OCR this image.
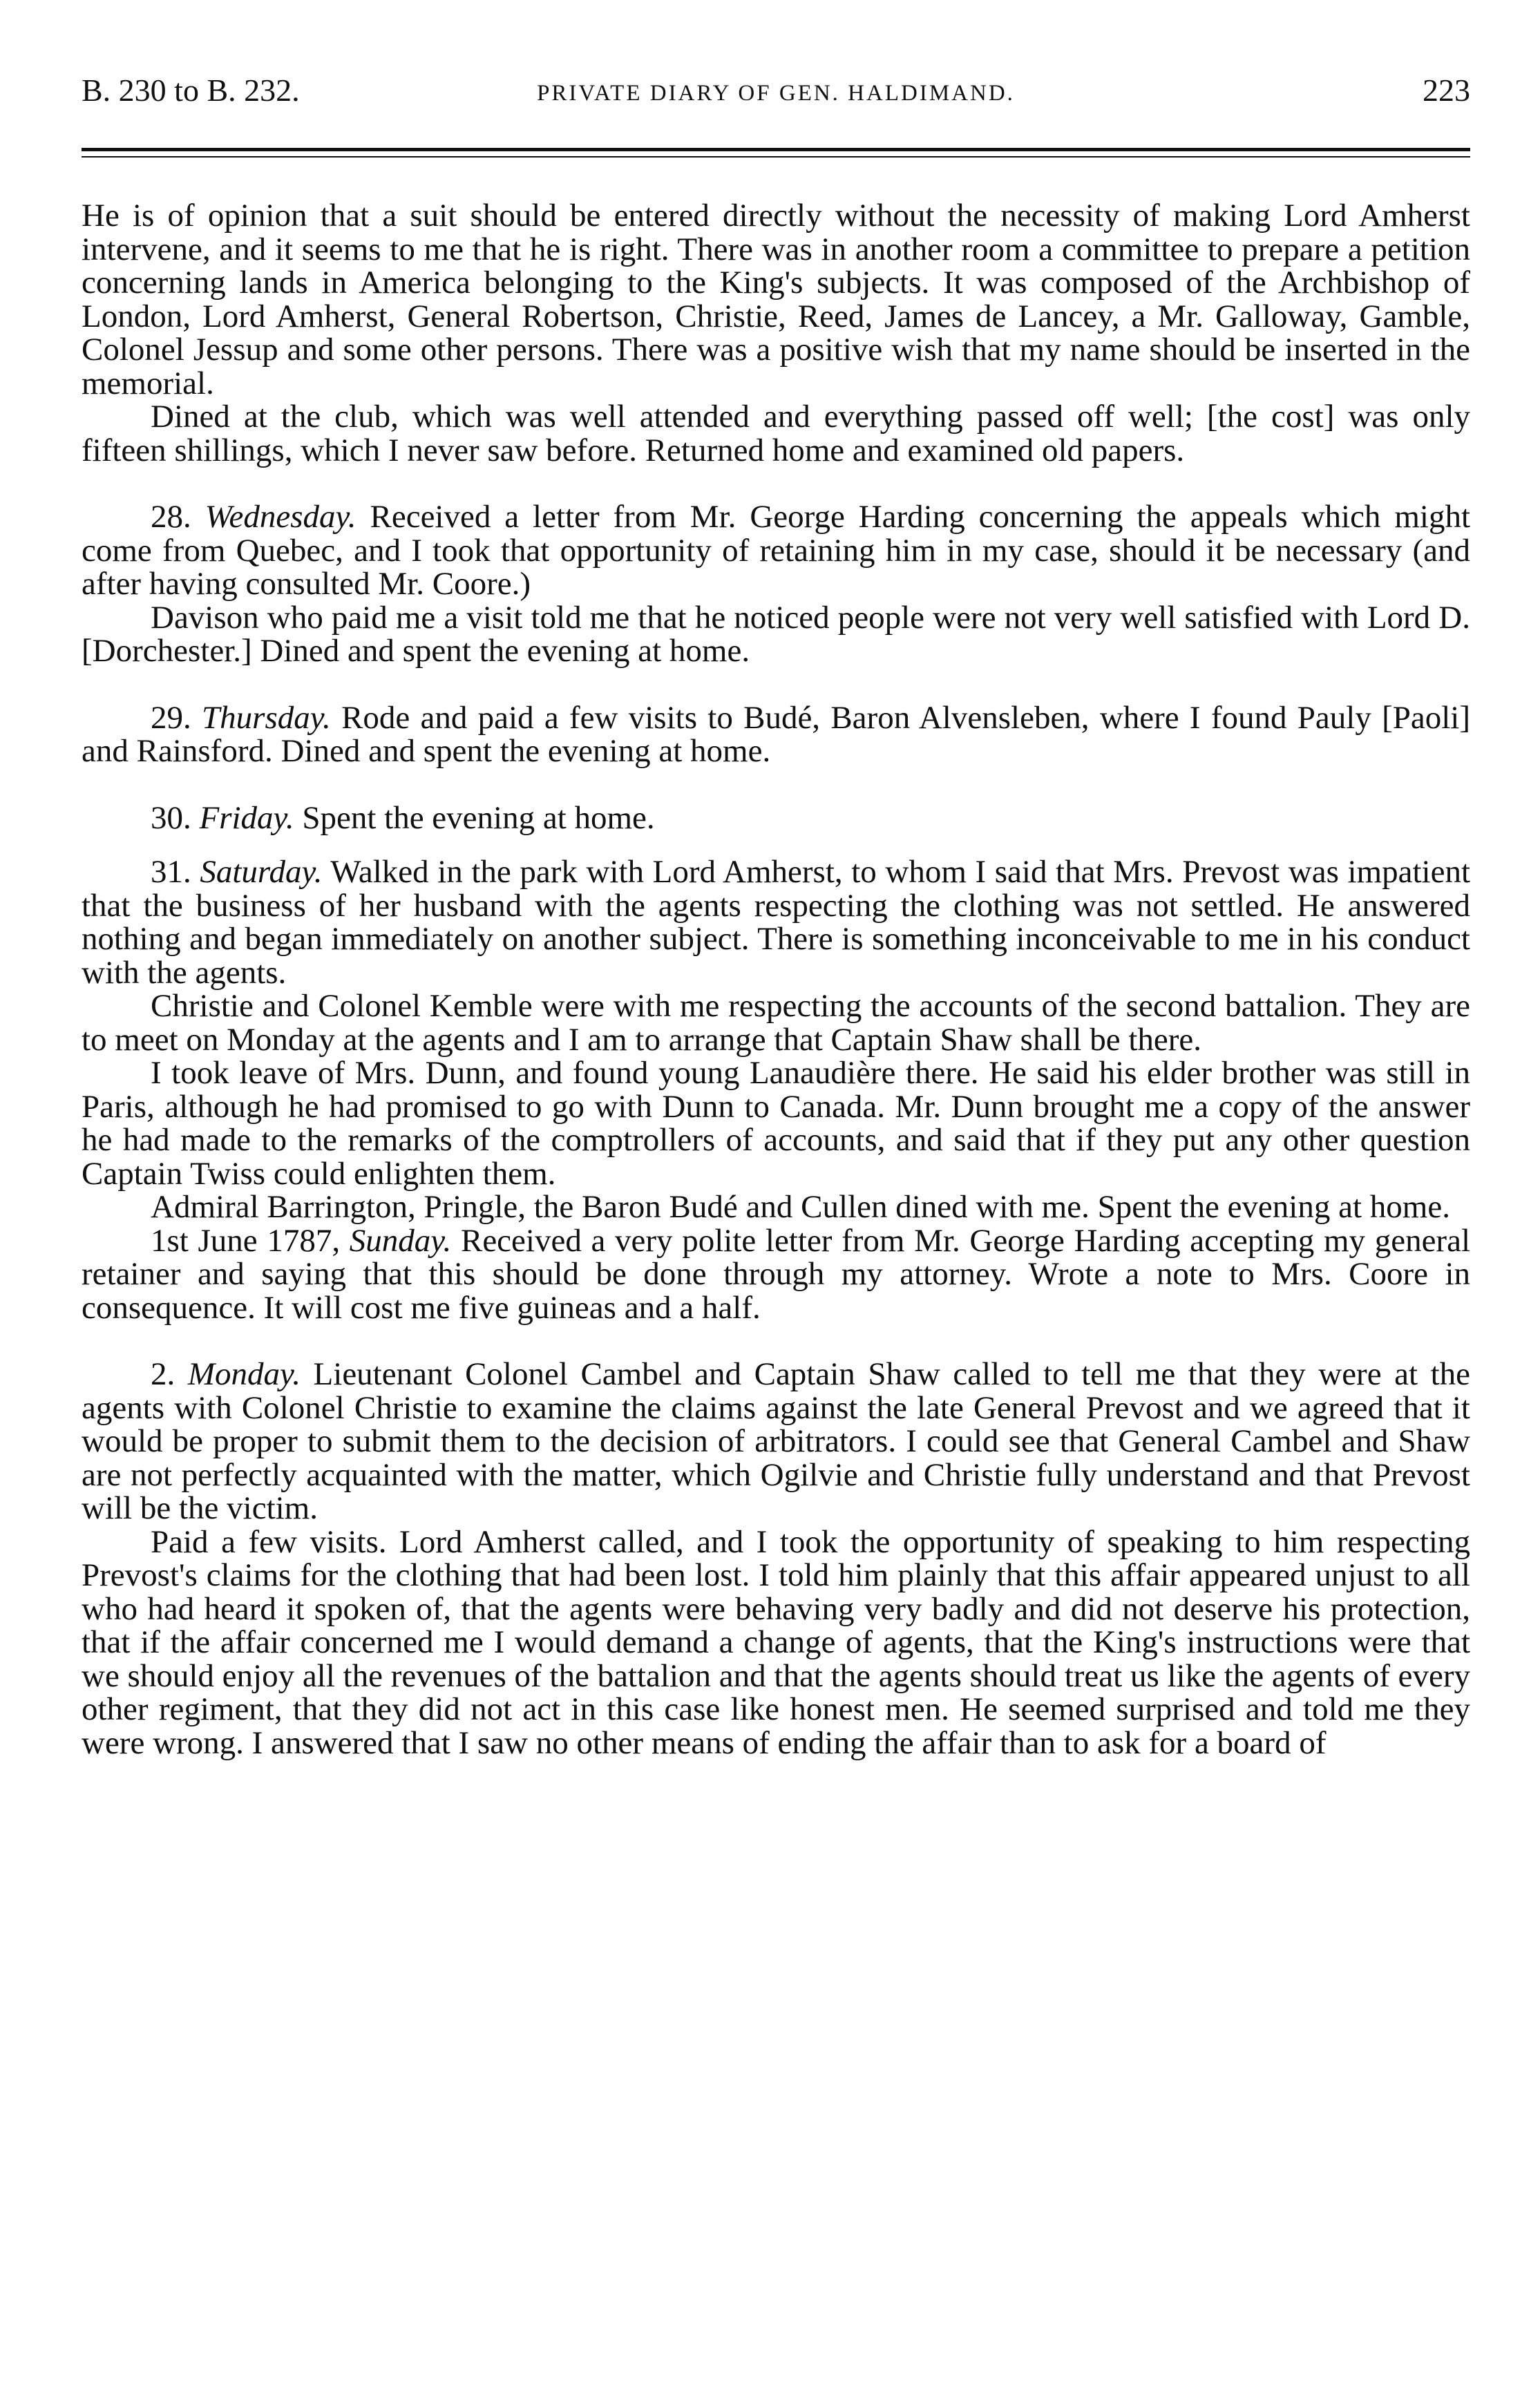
B. 230 to B. 232.	PRIVATE DIARY OF GEN. HALDIMAND.	223

He is of opinion that a suit should be entered directly without the necessity of making Lord Amherst intervene, and it seems to me that he is right. There was in another room a committee to prepare a petition concerning lands in America belonging to the King's subjects. It was composed of the Archbishop of London, Lord Amherst, General Robertson, Christie, Reed, James de Lancey, a Mr. Galloway, Gamble, Colonel Jessup and some other persons. There was a positive wish that my name should be inserted in the memorial.

Dined at the club, which was well attended and everything passed off well; [the cost] was only fifteen shillings, which I never saw before. Returned home and examined old papers.

28. Wednesday. Received a letter from Mr. George Harding concerning the appeals which might come from Quebec, and I took that opportunity of retaining him in my case, should it be necessary (and after having consulted Mr. Coore.)

Davison who paid me a visit told me that he noticed people were not very well satisfied with Lord D. [Dorchester.] Dined and spent the evening at home.

29. Thursday. Rode and paid a few visits to Budé, Baron Alvensleben, where I found Pauly [Paoli] and Rainsford. Dined and spent the evening at home.

30. Friday. Spent the evening at home.

31. Saturday. Walked in the park with Lord Amherst, to whom I said that Mrs. Prevost was impatient that the business of her husband with the agents respecting the clothing was not settled. He answered nothing and began immediately on another subject. There is something inconceivable to me in his conduct with the agents.

Christie and Colonel Kemble were with me respecting the accounts of the second battalion. They are to meet on Monday at the agents and I am to arrange that Captain Shaw shall be there.

I took leave of Mrs. Dunn, and found young Lanaudière there. He said his elder brother was still in Paris, although he had promised to go with Dunn to Canada. Mr. Dunn brought me a copy of the answer he had made to the remarks of the comptrollers of accounts, and said that if they put any other question Captain Twiss could enlighten them.

Admiral Barrington, Pringle, the Baron Budé and Cullen dined with me. Spent the evening at home.

1st June 1787, Sunday. Received a very polite letter from Mr. George Harding accepting my general retainer and saying that this should be done through my attorney. Wrote a note to Mrs. Coore in consequence. It will cost me five guineas and a half.

2. Monday. Lieutenant Colonel Cambel and Captain Shaw called to tell me that they were at the agents with Colonel Christie to examine the claims against the late General Prevost and we agreed that it would be proper to submit them to the decision of arbitrators. I could see that General Cambel and Shaw are not perfectly acquainted with the matter, which Ogilvie and Christie fully understand and that Prevost will be the victim.

Paid a few visits. Lord Amherst called, and I took the opportunity of speaking to him respecting Prevost's claims for the clothing that had been lost. I told him plainly that this affair appeared unjust to all who had heard it spoken of, that the agents were behaving very badly and did not deserve his protection, that if the affair concerned me I would demand a change of agents, that the King's instructions were that we should enjoy all the revenues of the battalion and that the agents should treat us like the agents of every other regiment, that they did not act in this case like honest men. He seemed surprised and told me they were wrong. I answered that I saw no other means of ending the affair than to ask for a board of
